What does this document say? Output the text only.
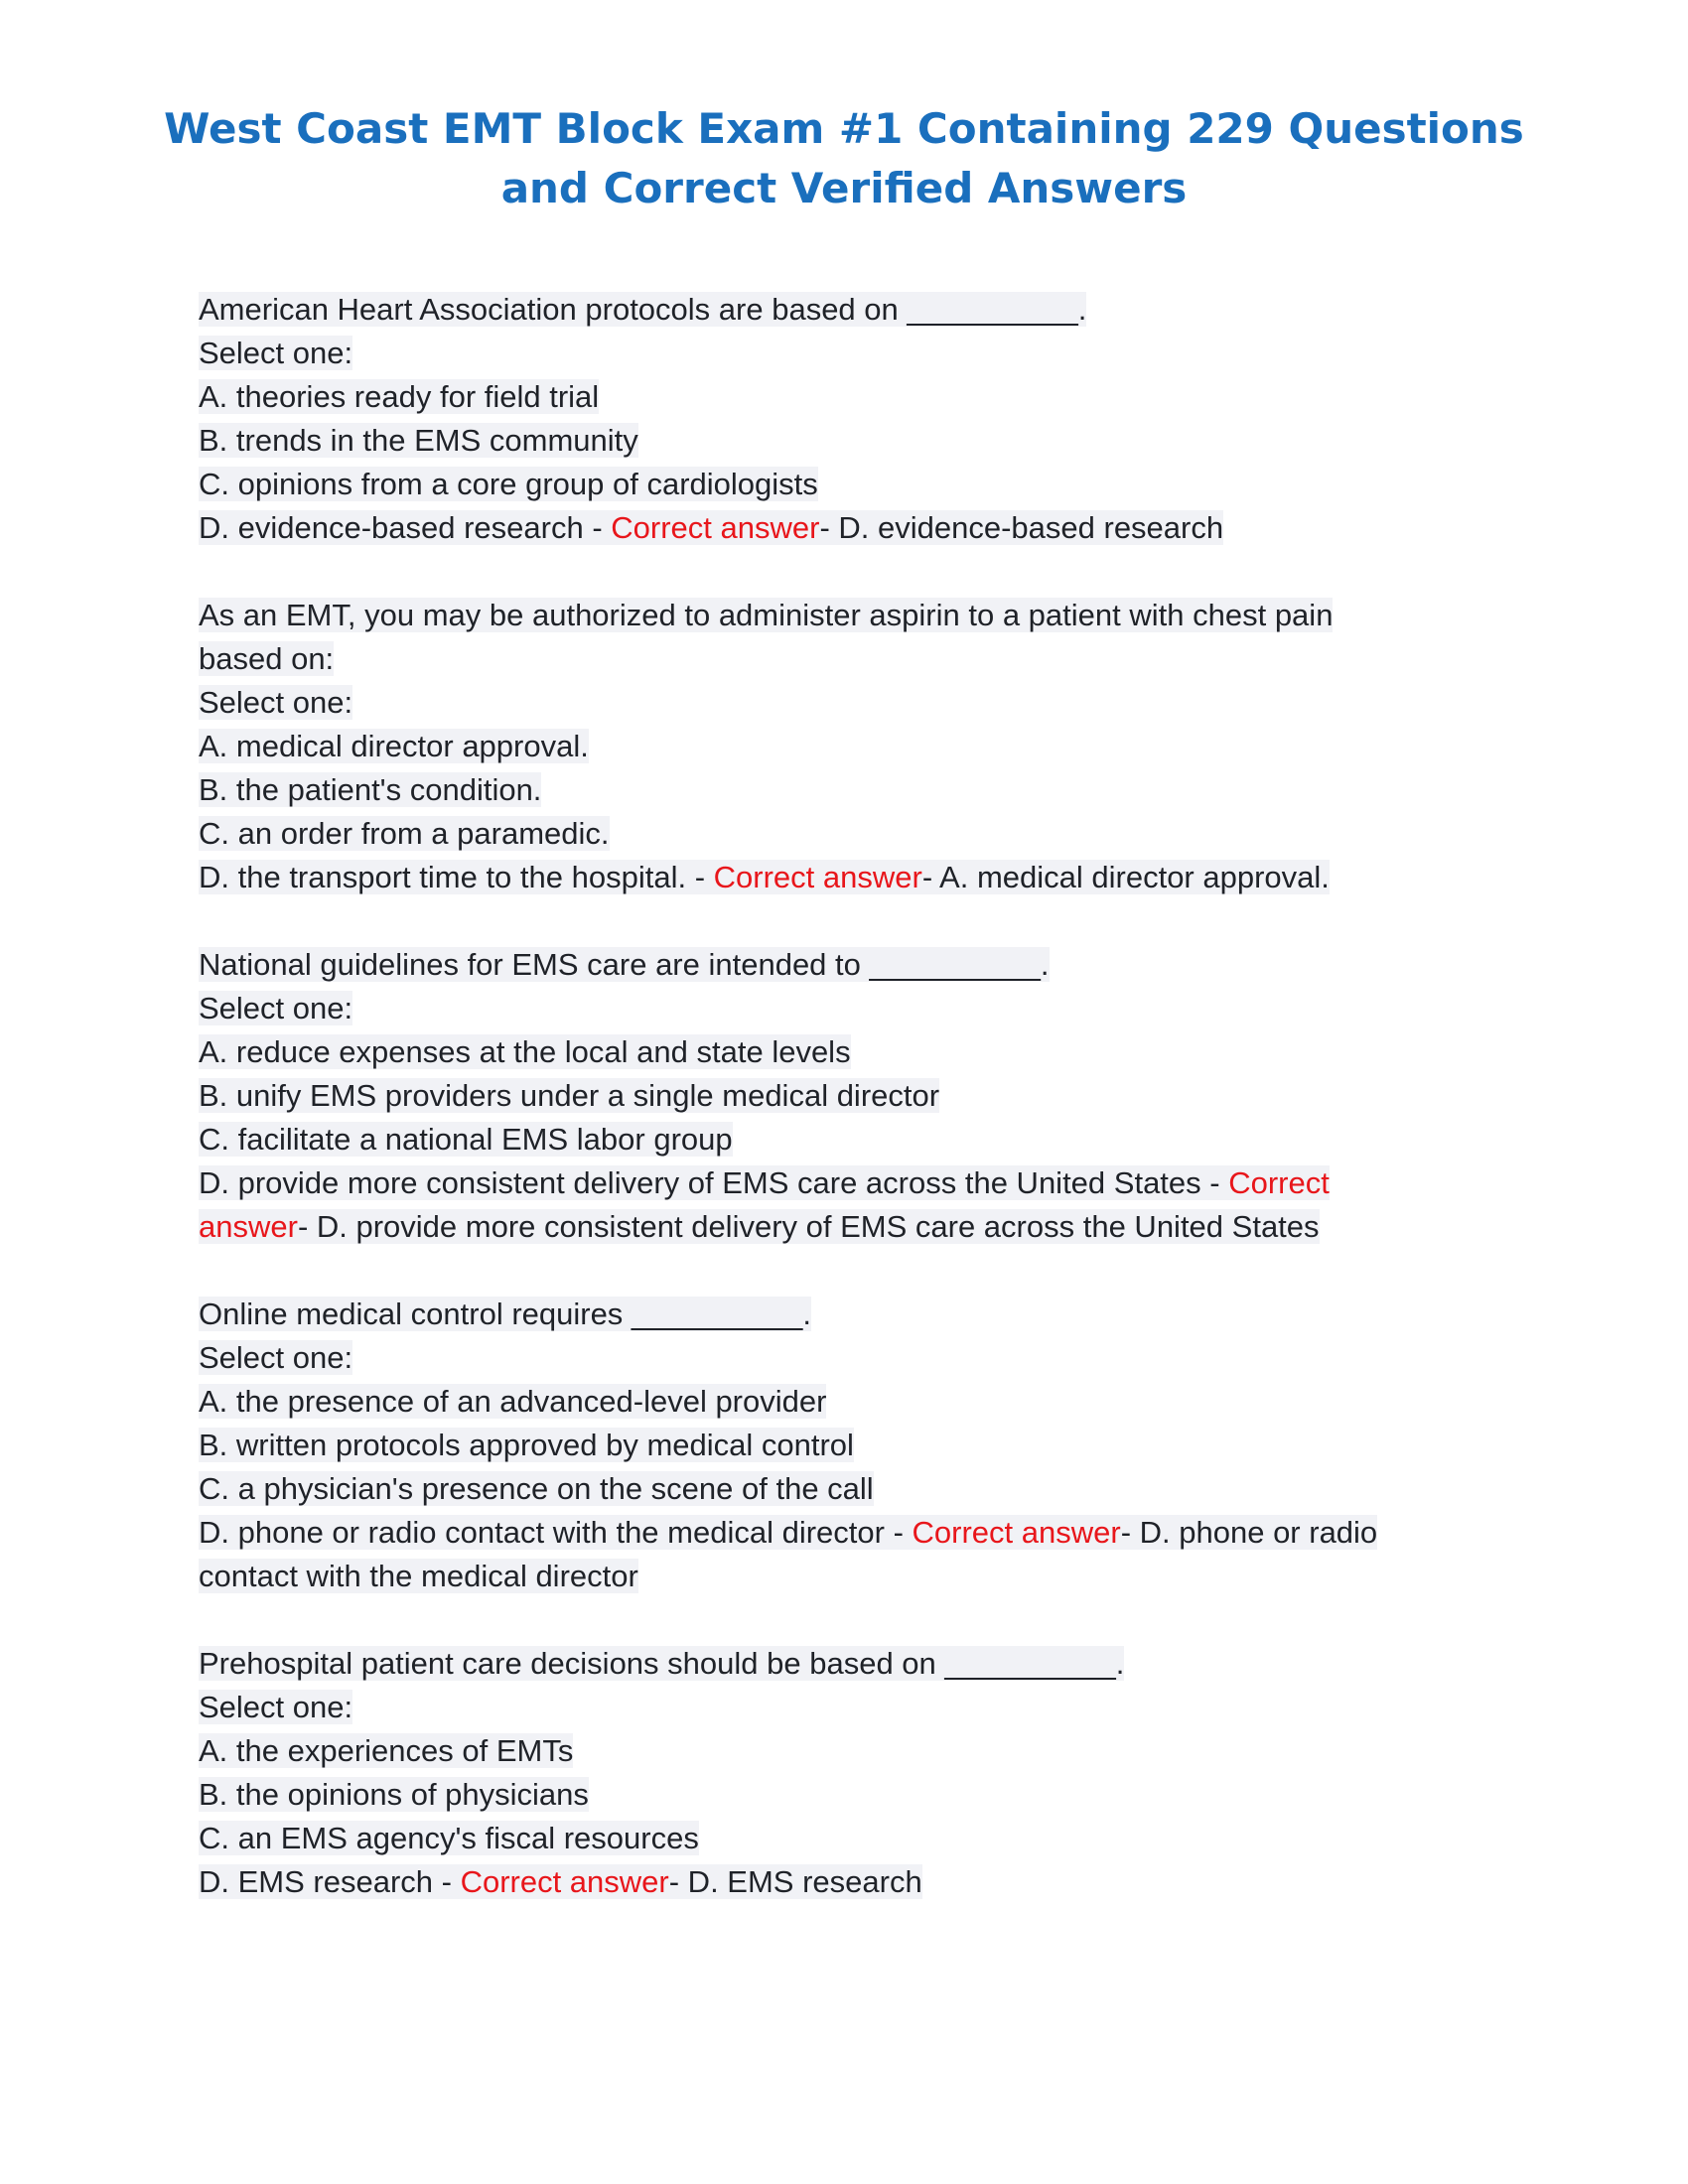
West Coast EMT Block Exam #1 Containing 229 Questions
and Correct Verified Answers
American Heart Association protocols are based on __________.
Select one:
A. theories ready for field trial
B. trends in the EMS community
C. opinions from a core group of cardiologists
D. evidence-based research - Correct answer- D. evidence-based research
As an EMT, you may be authorized to administer aspirin to a patient with chest pain
based on:
Select one:
A. medical director approval.
B. the patient's condition.
C. an order from a paramedic.
D. the transport time to the hospital. - Correct answer- A. medical director approval.
National guidelines for EMS care are intended to __________.
Select one:
A. reduce expenses at the local and state levels
B. unify EMS providers under a single medical director
C. facilitate a national EMS labor group
D. provide more consistent delivery of EMS care across the United States - Correct
answer- D. provide more consistent delivery of EMS care across the United States
Online medical control requires __________.
Select one:
A. the presence of an advanced-level provider
B. written protocols approved by medical control
C. a physician's presence on the scene of the call
D. phone or radio contact with the medical director - Correct answer- D. phone or radio
contact with the medical director
Prehospital patient care decisions should be based on __________.
Select one:
A. the experiences of EMTs
B. the opinions of physicians
C. an EMS agency's fiscal resources
D. EMS research - Correct answer- D. EMS research
